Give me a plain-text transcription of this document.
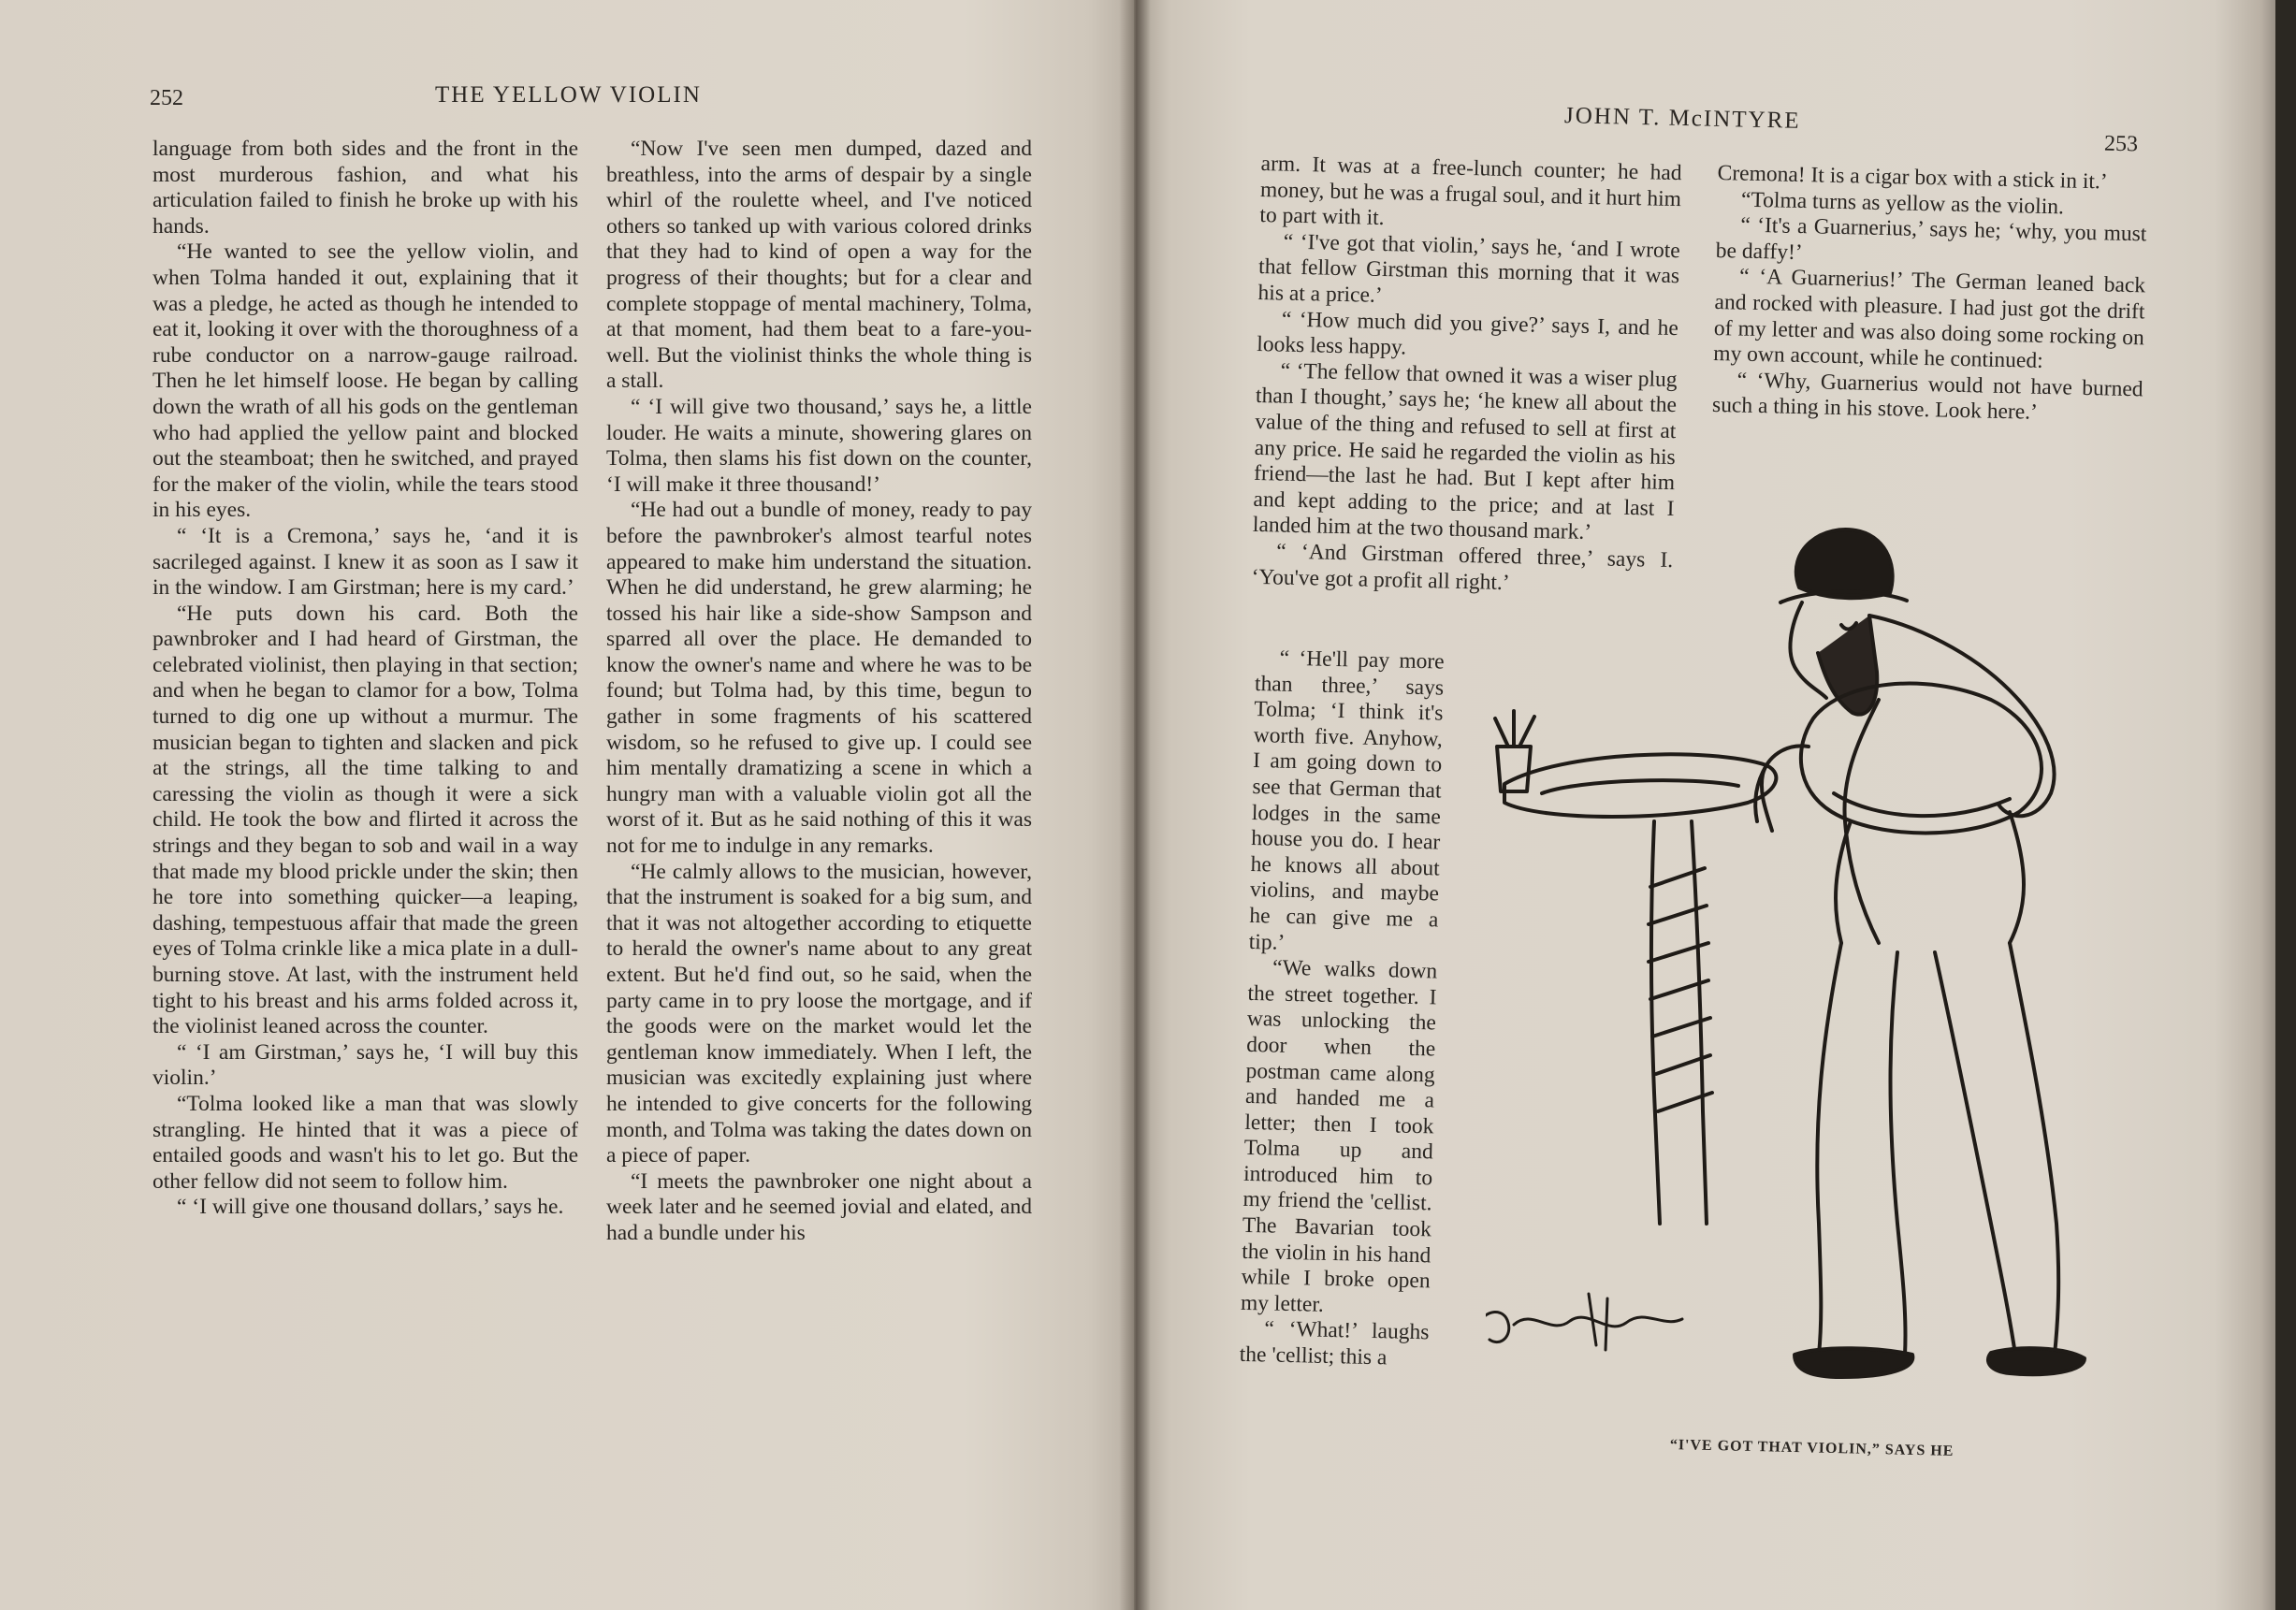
252	THE YELLOW VIOLIN

language from both sides and the front in the most murderous fashion, and what his articulation failed to finish he broke up with his hands.

“He wanted to see the yellow violin, and when Tolma handed it out, explaining that it was a pledge, he acted as though he intended to eat it, looking it over with the thoroughness of a rube conductor on a narrow-gauge railroad. Then he let himself loose. He began by calling down the wrath of all his gods on the gentleman who had applied the yellow paint and blocked out the steamboat; then he switched, and prayed for the maker of the violin, while the tears stood in his eyes.

“ ‘It is a Cremona,’ says he, ‘and it is sacrileged against. I knew it as soon as I saw it in the window. I am Girstman; here is my card.’

“He puts down his card. Both the pawnbroker and I had heard of Girstman, the celebrated violinist, then playing in that section; and when he began to clamor for a bow, Tolma turned to dig one up without a murmur. The musician began to tighten and slacken and pick at the strings, all the time talking to and caressing the violin as though it were a sick child. He took the bow and flirted it across the strings and they began to sob and wail in a way that made my blood prickle under the skin; then he tore into something quicker—a leaping, dashing, tempestuous affair that made the green eyes of Tolma crinkle like a mica plate in a dull-burning stove. At last, with the instrument held tight to his breast and his arms folded across it, the violinist leaned across the counter.

“ ‘I am Girstman,’ says he, ‘I will buy this violin.’

“Tolma looked like a man that was slowly strangling. He hinted that it was a piece of entailed goods and wasn't his to let go. But the other fellow did not seem to follow him.

“ ‘I will give one thousand dollars,’ says he.

“Now I've seen men dumped, dazed and breathless, into the arms of despair by a single whirl of the roulette wheel, and I've noticed others so tanked up with various colored drinks that they had to kind of open a way for the progress of their thoughts; but for a clear and complete stoppage of mental machinery, Tolma, at that moment, had them beat to a fare-you-well. But the violinist thinks the whole thing is a stall.

“ ‘I will give two thousand,’ says he, a little louder. He waits a minute, showering glares on Tolma, then slams his fist down on the counter, ‘I will make it three thousand!’

“He had out a bundle of money, ready to pay before the pawnbroker's almost tearful notes appeared to make him understand the situation. When he did understand, he grew alarming; he tossed his hair like a side-show Sampson and sparred all over the place. He demanded to know the owner's name and where he was to be found; but Tolma had, by this time, begun to gather in some fragments of his scattered wisdom, so he refused to give up. I could see him mentally dramatizing a scene in which a hungry man with a valuable violin got all the worst of it. But as he said nothing of this it was not for me to indulge in any remarks.

“He calmly allows to the musician, however, that the instrument is soaked for a big sum, and that it was not altogether according to etiquette to herald the owner's name about to any great extent. But he'd find out, so he said, when the party came in to pry loose the mortgage, and if the goods were on the market would let the gentleman know immediately. When I left, the musician was excitedly explaining just where he intended to give concerts for the following month, and Tolma was taking the dates down on a piece of paper.

“I meets the pawnbroker one night about a week later and he seemed jovial and elated, and had a bundle under his

JOHN T. McINTYRE
253

arm. It was at a free-lunch counter; he had money, but he was a frugal soul, and it hurt him to part with it.

“ ‘I've got that violin,’ says he, ‘and I wrote that fellow Girstman this morning that it was his at a price.’

“ ‘How much did you give?’ says I, and he looks less happy.

“ ‘The fellow that owned it was a wiser plug than I thought,’ says he; ‘he knew all about the value of the thing and refused to sell at first at any price. He said he regarded the violin as his friend—the last he had. But I kept after him and kept adding to the price; and at last I landed him at the two thousand mark.’

“ ‘And Girstman offered three,’ says I. ‘You've got a profit all right.’

“ ‘He'll pay more than three,’ says Tolma; ‘I think it's worth five. Anyhow, I am going down to see that German that lodges in the same house you do. I hear he knows all about violins, and maybe he can give me a tip.’

“We walks down the street together. I was unlocking the door when the postman came along and handed me a letter; then I took Tolma up and introduced him to my friend the 'cellist. The Bavarian took the violin in his hand while I broke open my letter.

“ ‘What!’ laughs the 'cellist; this a

Cremona! It is a cigar box with a stick in it.’

“Tolma turns as yellow as the violin.

“ ‘It's a Guarnerius,’ says he; ‘why, you must be daffy!’

“ ‘A Guarnerius!’ The German leaned back and rocked with pleasure. I had just got the drift of my letter and was also doing some rocking on my own account, while he continued:

“ ‘Why, Guarnerius would not have burned such a thing in his stove. Look here.’

“I'VE GOT THAT VIOLIN,” SAYS HE
